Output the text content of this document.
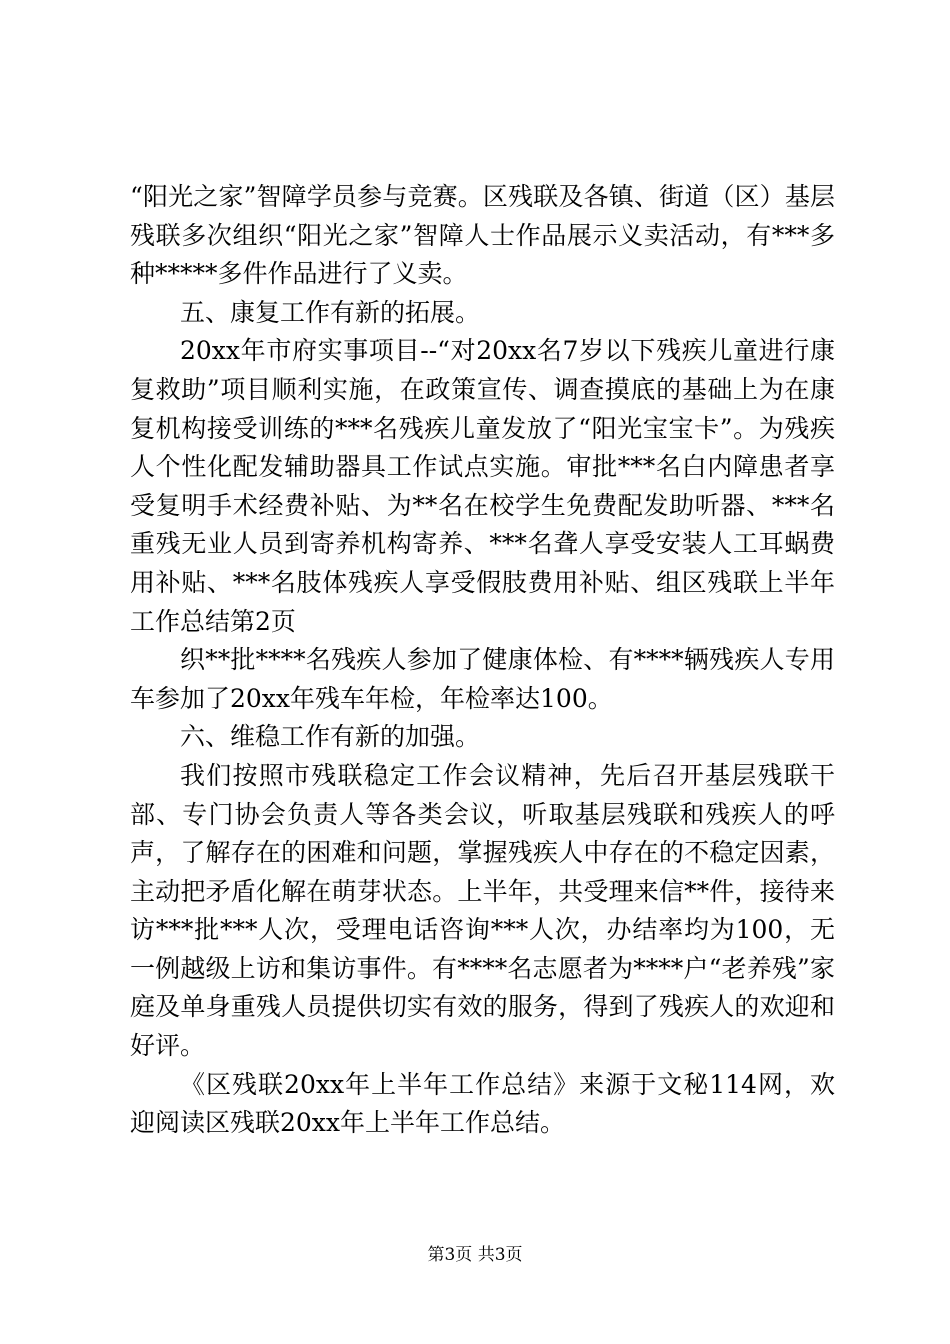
“阳光之家”智障学员参与竞赛。区残联及各镇、街道（区）基层残联多次组织“阳光之家”智障人士作品展示义卖活动，有***多种*****多件作品进行了义卖。

五、康复工作有新的拓展。

20xx年市府实事项目--“对20xx名7岁以下残疾儿童进行康复救助”项目顺利实施，在政策宣传、调查摸底的基础上为在康复机构接受训练的***名残疾儿童发放了“阳光宝宝卡”。为残疾人个性化配发辅助器具工作试点实施。审批***名白内障患者享受复明手术经费补贴、为**名在校学生免费配发助听器、***名重残无业人员到寄养机构寄养、***名聋人享受安装人工耳蜗费用补贴、***名肢体残疾人享受假肢费用补贴、组区残联上半年工作总结第2页

织**批****名残疾人参加了健康体检、有****辆残疾人专用车参加了20xx年残车年检，年检率达100。

六、维稳工作有新的加强。

我们按照市残联稳定工作会议精神，先后召开基层残联干部、专门协会负责人等各类会议，听取基层残联和残疾人的呼声，了解存在的困难和问题，掌握残疾人中存在的不稳定因素，主动把矛盾化解在萌芽状态。上半年，共受理来信**件，接待来访***批***人次，受理电话咨询***人次，办结率均为100，无一例越级上访和集访事件。有****名志愿者为****户“老养残”家庭及单身重残人员提供切实有效的服务，得到了残疾人的欢迎和好评。

《区残联20xx年上半年工作总结》来源于文秘114网，欢迎阅读区残联20xx年上半年工作总结。

第3页 共3页
